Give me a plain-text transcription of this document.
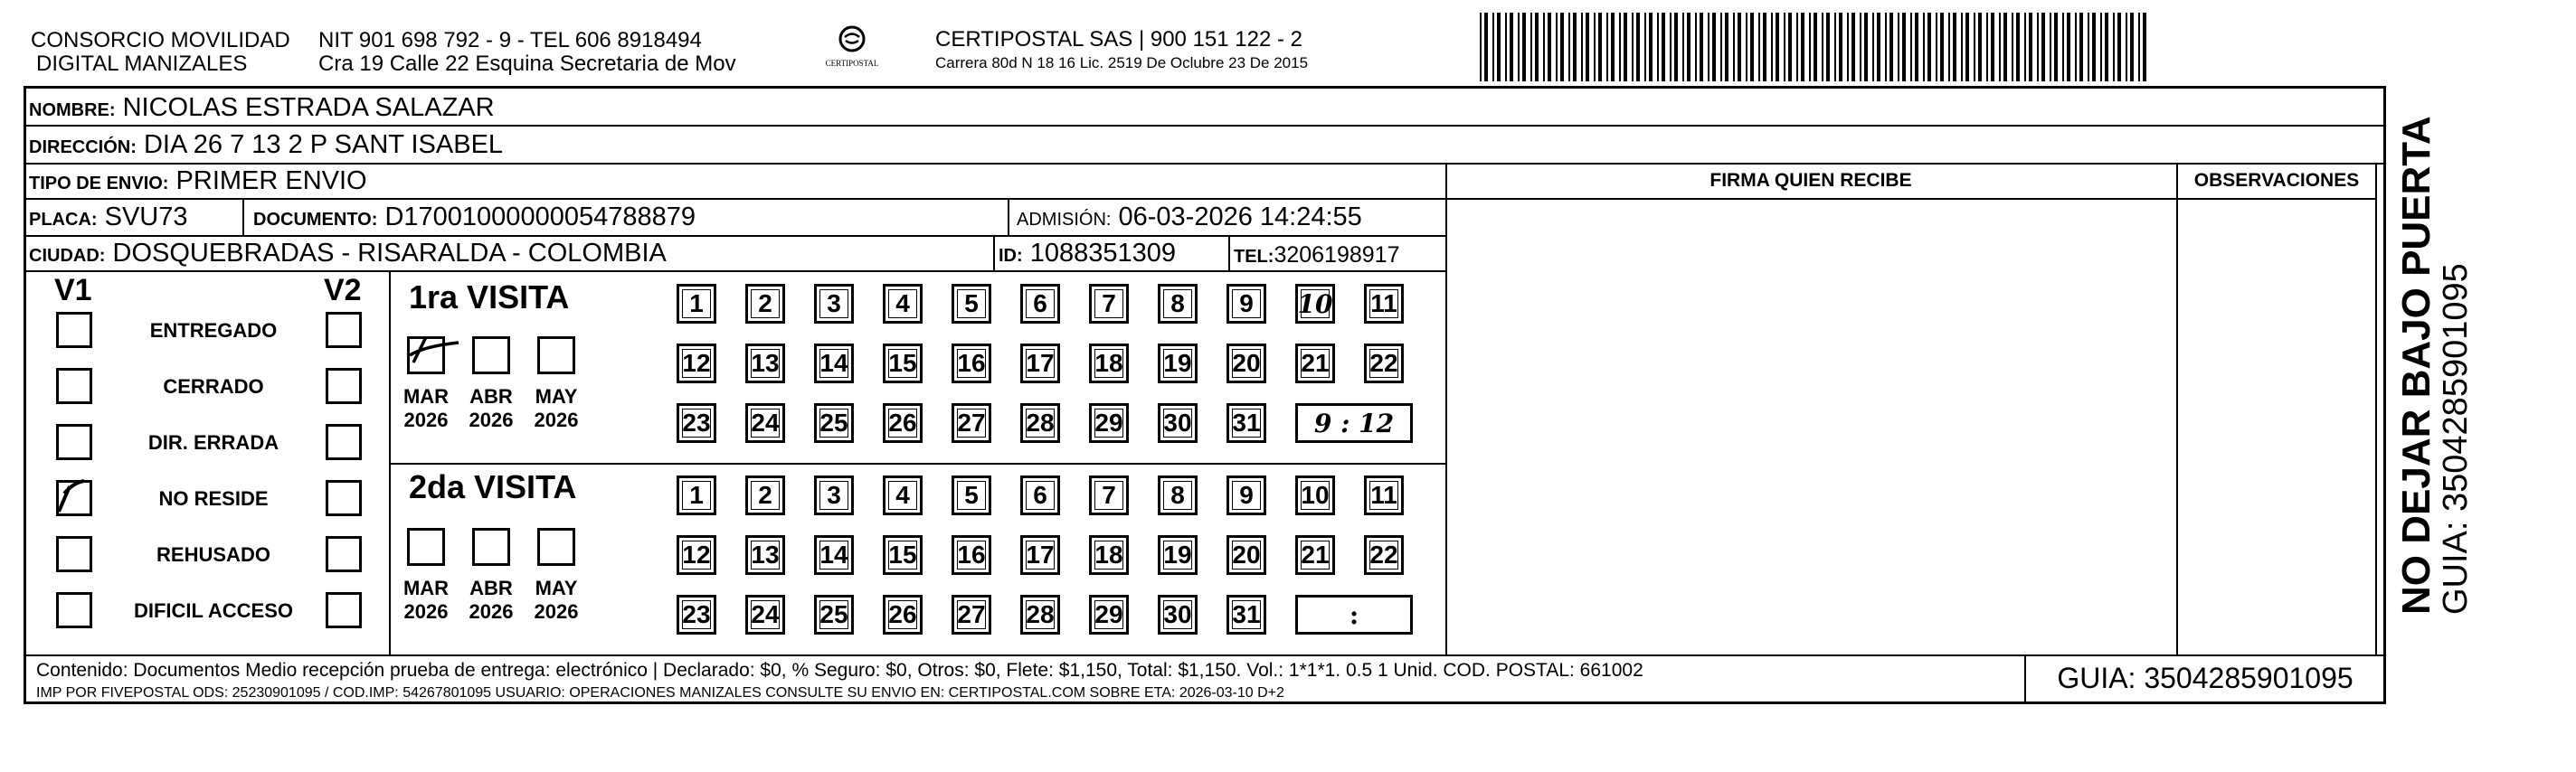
CONSORCIO MOVILIDAD
DIGITAL MANIZALES
NIT 901 698 792 - 9 - TEL 606 8918494
Cra 19 Calle 22 Esquina Secretaria de Mov	CERTIPOSTAL
CERTIPOSTAL SAS | 900 151 122 - 2
Carrera 80d N 18 16 Lic. 2519 De Oclubre 23 De 2015
NOMBRE: NICOLAS ESTRADA SALAZAR
DIRECCIÓN: DIA 26 7 13 2 P SANT ISABEL
TIPO DE ENVIO: PRIMER ENVIO	FIRMA QUIEN RECIBE	OBSERVACIONES
PLACA: SVU73	DOCUMENTO: D17001000000054788879	ADMISIÓN: 06-03-2026 14:24:55
CIUDAD: DOSQUEBRADAS - RISARALDA - COLOMBIA	ID: 1088351309	TEL:3206198917
V1	V2 1ra VISITA
2da VISITA
Contenido: Documentos Medio recepción prueba de entrega: electrónico | Declarado: $0, % Seguro: $0, Otros: $0, Flete: $1,150, Total: $1,150. Vol.: 1*1*1. 0.5 1 Unid. COD. POSTAL: 661002
IMP POR FIVEPOSTAL ODS: 25230901095 / COD.IMP: 54267801095 USUARIO: OPERACIONES MANIZALES CONSULTE SU ENVIO EN: CERTIPOSTAL.COM SOBRE ETA: 2026-03-10 D+2	GUIA: 3504285901095
NO DEJAR BAJO PUERTA
GUIA: 3504285901095
ENTREGADO
CERRADO
DIR. ERRADA
NO RESIDE
REHUSADO
DIFICIL ACCESO
MAR
2026
ABR
2026
MAY
2026
1 2 3 4 5 6 7 8 9 10 11
12 13 14 15 16 17 18 19 20 21 22
23 24 25 26 27 28 29 30 31	9 : 12
MAR
2026
ABR
2026
MAY
2026
1 2 3 4 5 6 7 8 9 10 11
12 13 14 15 16 17 18 19 20 21 22
23 24 25 26 27 28 29 30 31	:
